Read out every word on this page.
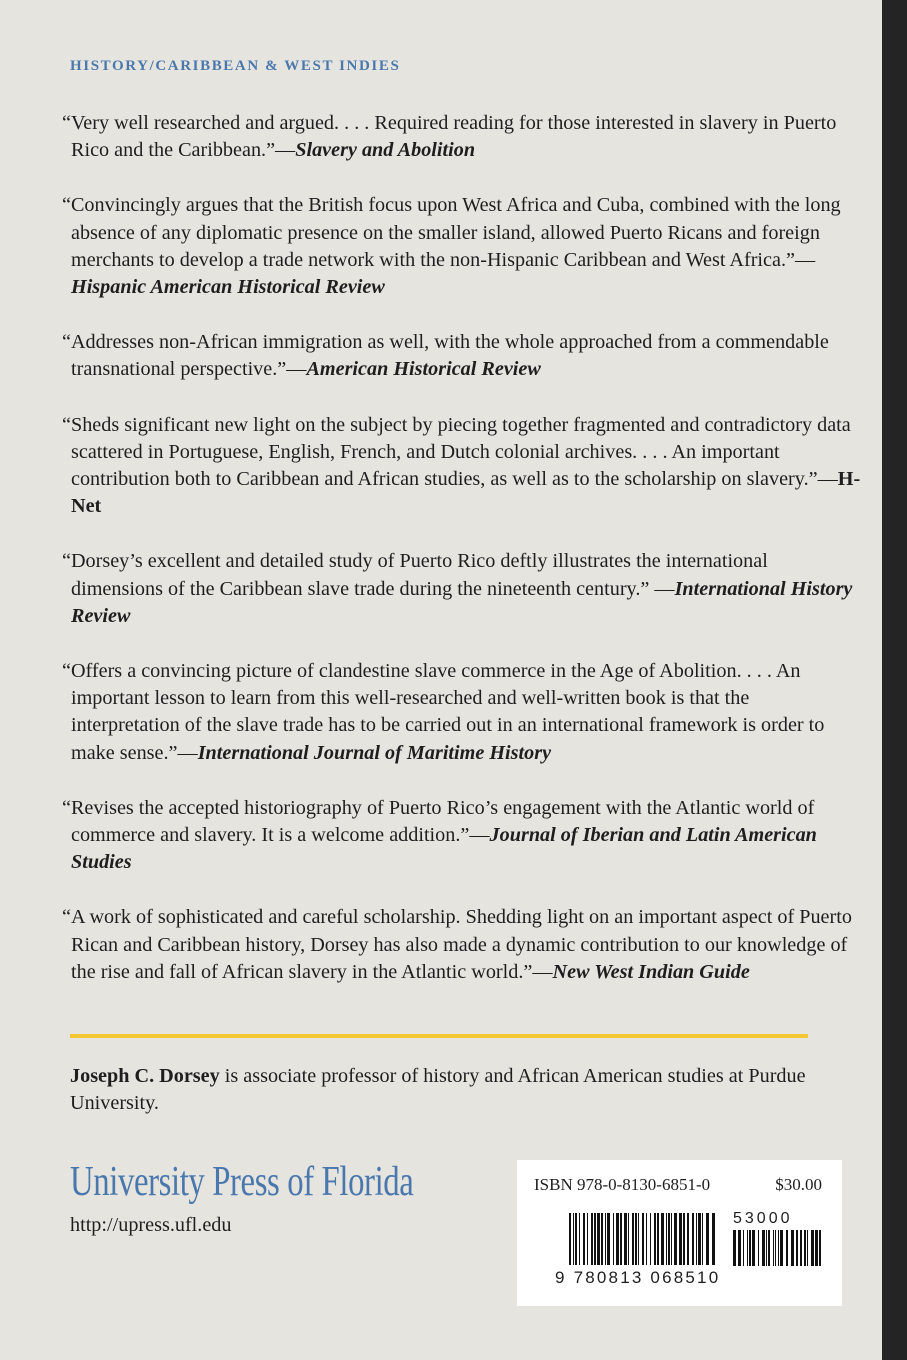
HISTORY/CARIBBEAN & WEST INDIES

“Very well researched and argued. . . . Required reading for those interested in slavery in Puerto Rico and the Caribbean.”—Slavery and Abolition

“Convincingly argues that the British focus upon West Africa and Cuba, combined with the long absence of any diplomatic presence on the smaller island, allowed Puerto Ricans and foreign merchants to develop a trade network with the non-Hispanic Caribbean and West Africa.”—Hispanic American Historical Review

“Addresses non-African immigration as well, with the whole approached from a commendable transnational perspective.”—American Historical Review

“Sheds significant new light on the subject by piecing together fragmented and contradictory data scattered in Portuguese, English, French, and Dutch colonial archives. . . . An important contribution both to Caribbean and African studies, as well as to the scholarship on slavery.”—H-Net

“Dorsey’s excellent and detailed study of Puerto Rico deftly illustrates the international dimensions of the Caribbean slave trade during the nineteenth century.” —International History Review

“Offers a convincing picture of clandestine slave commerce in the Age of Abolition. . . . An important lesson to learn from this well-researched and well-written book is that the interpretation of the slave trade has to be carried out in an international framework is order to make sense.”—International Journal of Maritime History

“Revises the accepted historiography of Puerto Rico’s engagement with the Atlantic world of commerce and slavery. It is a welcome addition.”—Journal of Iberian and Latin American Studies

“A work of sophisticated and careful scholarship. Shedding light on an important aspect of Puerto Rican and Caribbean history, Dorsey has also made a dynamic contribution to our knowledge of the rise and fall of African slavery in the Atlantic world.”—New West Indian Guide

Joseph C. Dorsey is associate professor of history and African American studies at Purdue University.
University Press of Florida
http://upress.ufl.edu
ISBN 978-0-8130-6851-0	$30.00
53000
9 780813 068510
